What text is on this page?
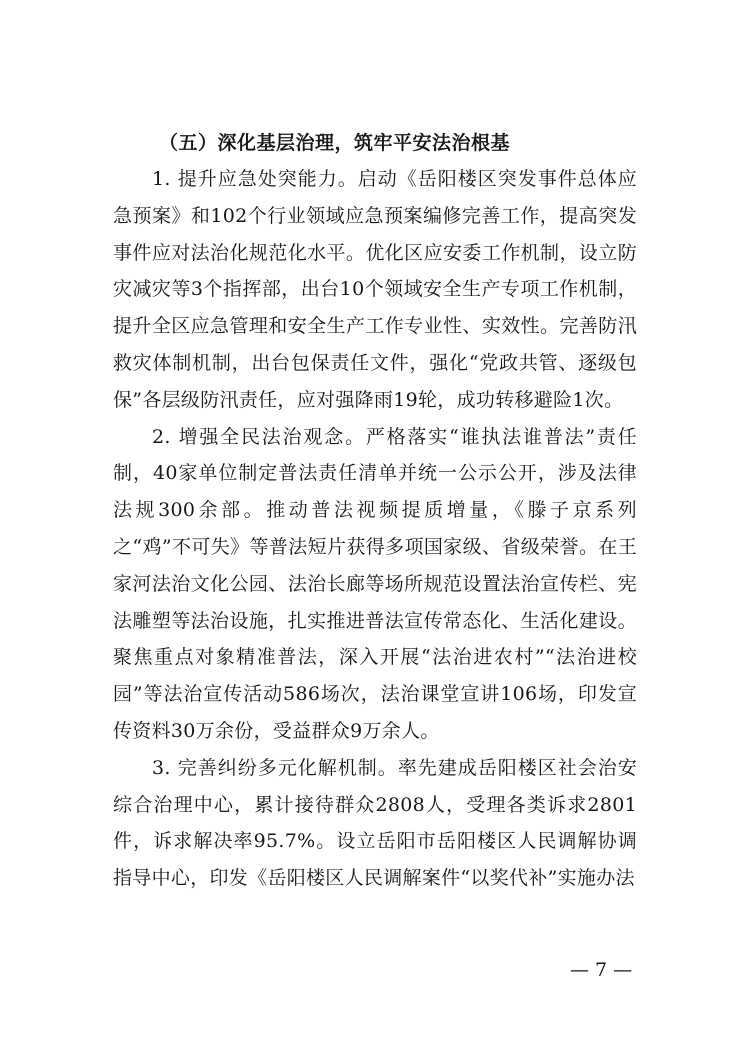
（五）深化基层治理，筑牢平安法治根基

1. 提升应急处突能力。启动《岳阳楼区突发事件总体应急预案》和102个行业领域应急预案编修完善工作，提高突发事件应对法治化规范化水平。优化区应安委工作机制，设立防灾减灾等3个指挥部，出台10个领域安全生产专项工作机制，提升全区应急管理和安全生产工作专业性、实效性。完善防汛救灾体制机制，出台包保责任文件，强化“党政共管、逐级包保”各层级防汛责任，应对强降雨19轮，成功转移避险1次。

2. 增强全民法治观念。严格落实“谁执法谁普法”责任制，40家单位制定普法责任清单并统一公示公开，涉及法律法规300余部。推动普法视频提质增量，《滕子京系列之“鸡”不可失》等普法短片获得多项国家级、省级荣誉。在王家河法治文化公园、法治长廊等场所规范设置法治宣传栏、宪法雕塑等法治设施，扎实推进普法宣传常态化、生活化建设。聚焦重点对象精准普法，深入开展“法治进农村”“法治进校园”等法治宣传活动586场次，法治课堂宣讲106场，印发宣传资料30万余份，受益群众9万余人。

3. 完善纠纷多元化解机制。率先建成岳阳楼区社会治安综合治理中心，累计接待群众2808人，受理各类诉求2801件，诉求解决率95.7%。设立岳阳市岳阳楼区人民调解协调指导中心，印发《岳阳楼区人民调解案件“以奖代补”实施办法

— 7 —
